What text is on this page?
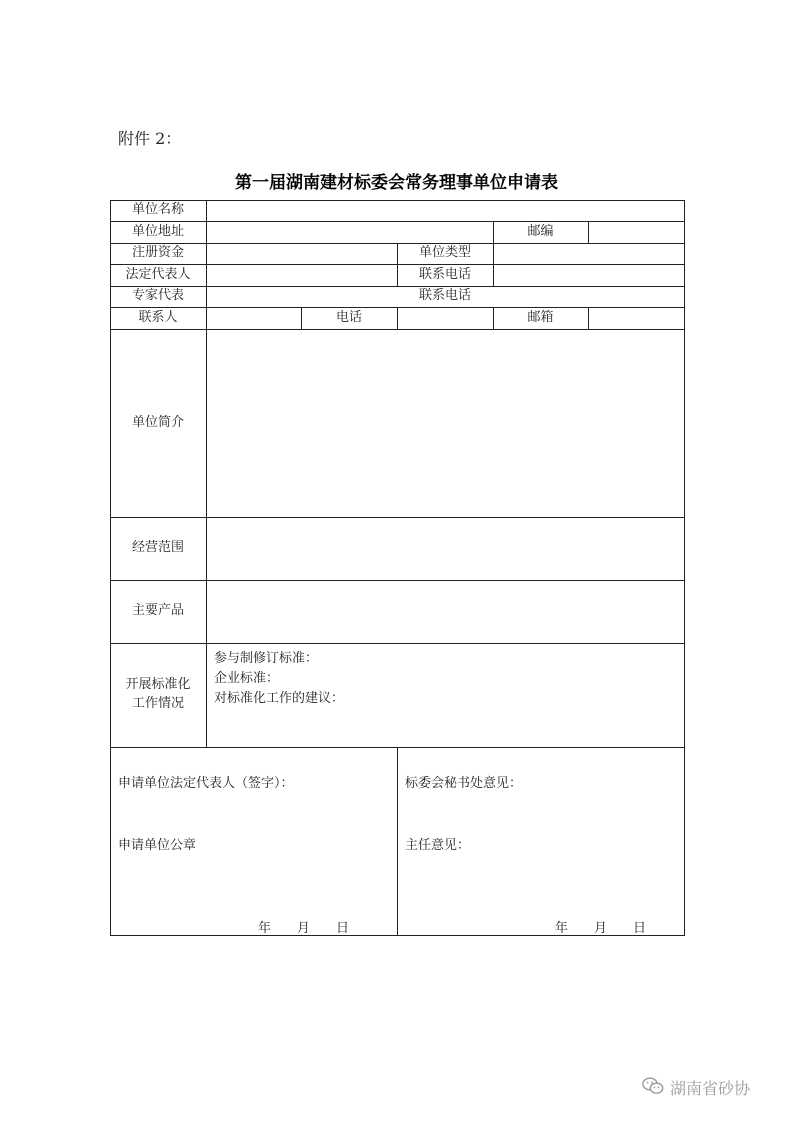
附件 2：
第一届湖南建材标委会常务理事单位申请表
单位名称
单位地址	邮编
注册资金	单位类型
法定代表人	联系电话
专家代表	联系电话
联系人	电话	邮箱
单位简介
经营范围
主要产品
开展标准化
工作情况
参与制修订标准：
企业标准：
对标准化工作的建议：
申请单位法定代表人（签字）：
申请单位公章
年　　月　　日
标委会秘书处意见：
主任意见：
年　　月　　日
湖南省砂协
